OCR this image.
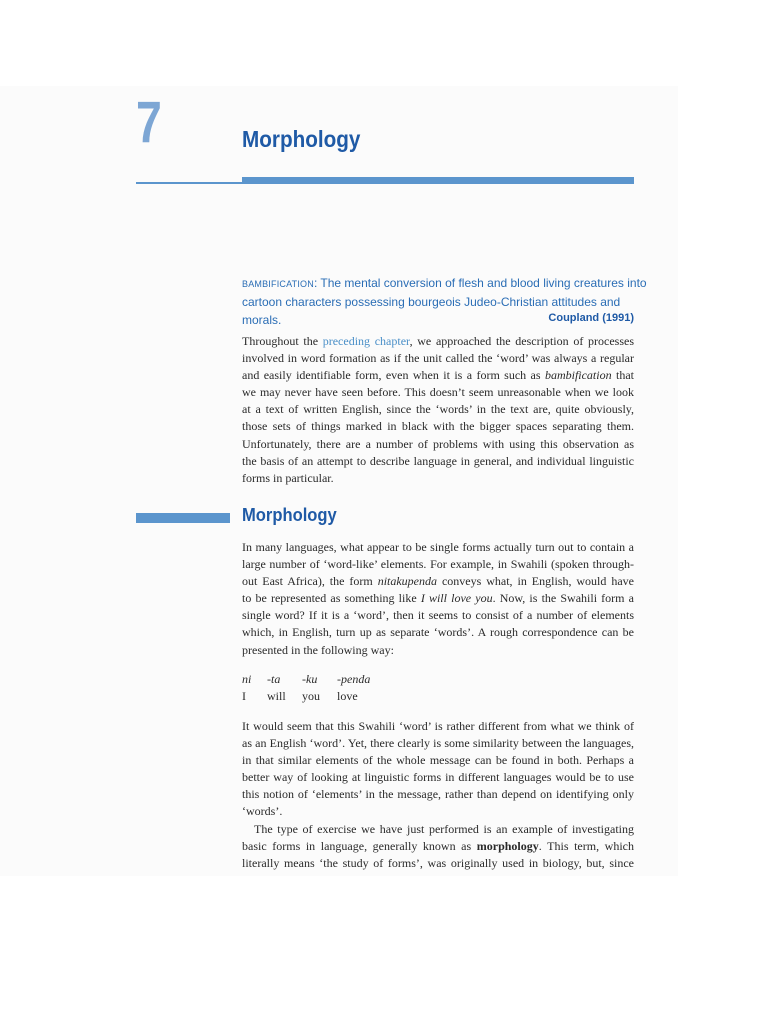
7	Morphology
BAMBIFICATION: The mental conversion of flesh and blood living creatures into
cartoon characters possessing bourgeois Judeo-Christian attitudes and
morals.	Coupland (1991)
Throughout the preceding chapter, we approached the description of processes
involved in word formation as if the unit called the ‘word’ was always a regular
and easily identifiable form, even when it is a form such as bambification that
we may never have seen before. This doesn’t seem unreasonable when we look
at a text of written English, since the ‘words’ in the text are, quite obviously,
those sets of things marked in black with the bigger spaces separating them.
Unfortunately, there are a number of problems with using this observation as
the basis of an attempt to describe language in general, and individual linguistic
forms in particular.
Morphology
In many languages, what appear to be single forms actually turn out to contain a
large number of ‘word-like’ elements. For example, in Swahili (spoken through-
out East Africa), the form nitakupenda conveys what, in English, would have
to be represented as something like I will love you. Now, is the Swahili form a
single word? If it is a ‘word’, then it seems to consist of a number of elements
which, in English, turn up as separate ‘words’. A rough correspondence can be
presented in the following way:
ni -ta -ku -penda
I will you love
It would seem that this Swahili ‘word’ is rather different from what we think of
as an English ‘word’. Yet, there clearly is some similarity between the languages,
in that similar elements of the whole message can be found in both. Perhaps a
better way of looking at linguistic forms in different languages would be to use
this notion of ‘elements’ in the message, rather than depend on identifying only
‘words’.
The type of exercise we have just performed is an example of investigating
basic forms in language, generally known as morphology. This term, which
literally means ‘the study of forms’, was originally used in biology, but, since
